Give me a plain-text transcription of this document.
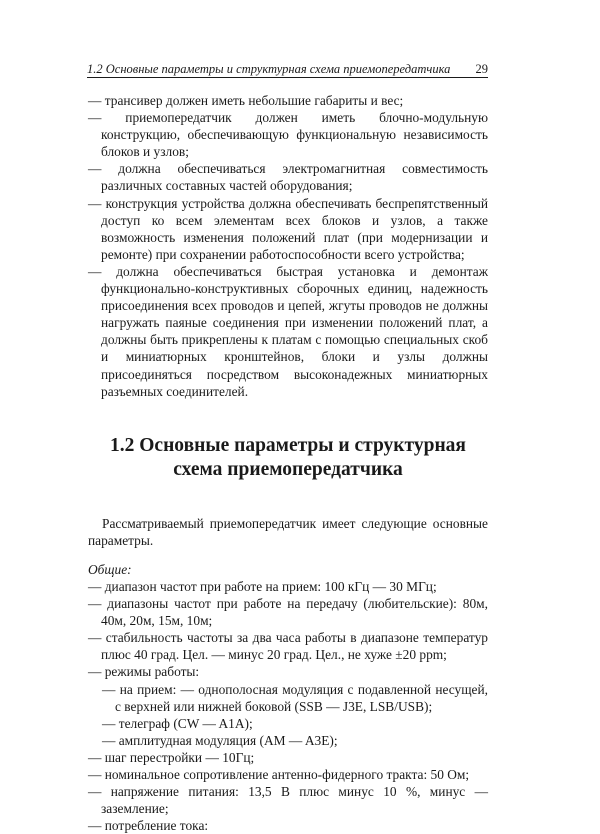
1.2 Основные параметры и структурная схема приемопередатчика 29
— трансивер должен иметь небольшие габариты и вес;
— приемопередатчик должен иметь блочно-модульную конструкцию, обеспечивающую функциональную независимость блоков и узлов;
— должна обеспечиваться электромагнитная совместимость различных составных частей оборудования;
— конструкция устройства должна обеспечивать беспрепятственный доступ ко всем элементам всех блоков и узлов, а также возможность изменения положений плат (при модернизации и ремонте) при сохранении работоспособности всего устройства;
— должна обеспечиваться быстрая установка и демонтаж функционально-конструктивных сборочных единиц, надежность присоединения всех проводов и цепей, жгуты проводов не должны нагружать паяные соединения при изменении положений плат, а должны быть прикреплены к платам с помощью специальных скоб и миниатюрных кронштейнов, блоки и узлы должны присоединяться посредством высоконадежных миниатюрных разъемных соединителей.
1.2 Основные параметры и структурная схема приемопередатчика

Рассматриваемый приемопередатчик имеет следующие основные параметры.

Общие:

— диапазон частот при работе на прием: 100 кГц — 30 МГц;
— диапазоны частот при работе на передачу (любительские): 80м, 40м, 20м, 15м, 10м;
— стабильность частоты за два часа работы в диапазоне температур плюс 40 град. Цел. — минус 20 град. Цел., не хуже ±20 ppm;
— режимы работы:
— на прием: — однополосная модуляция с подавленной несущей, с верхней или нижней боковой (SSB — J3E, LSB/USB);
— телеграф (CW — A1A);
— амплитудная модуляция (AM — A3E);
— шаг перестройки — 10Гц;
— номинальное сопротивление антенно-фидерного тракта: 50 Ом;
— напряжение питания: 13,5 В плюс минус 10 %, минус — заземление;
— потребление тока:
